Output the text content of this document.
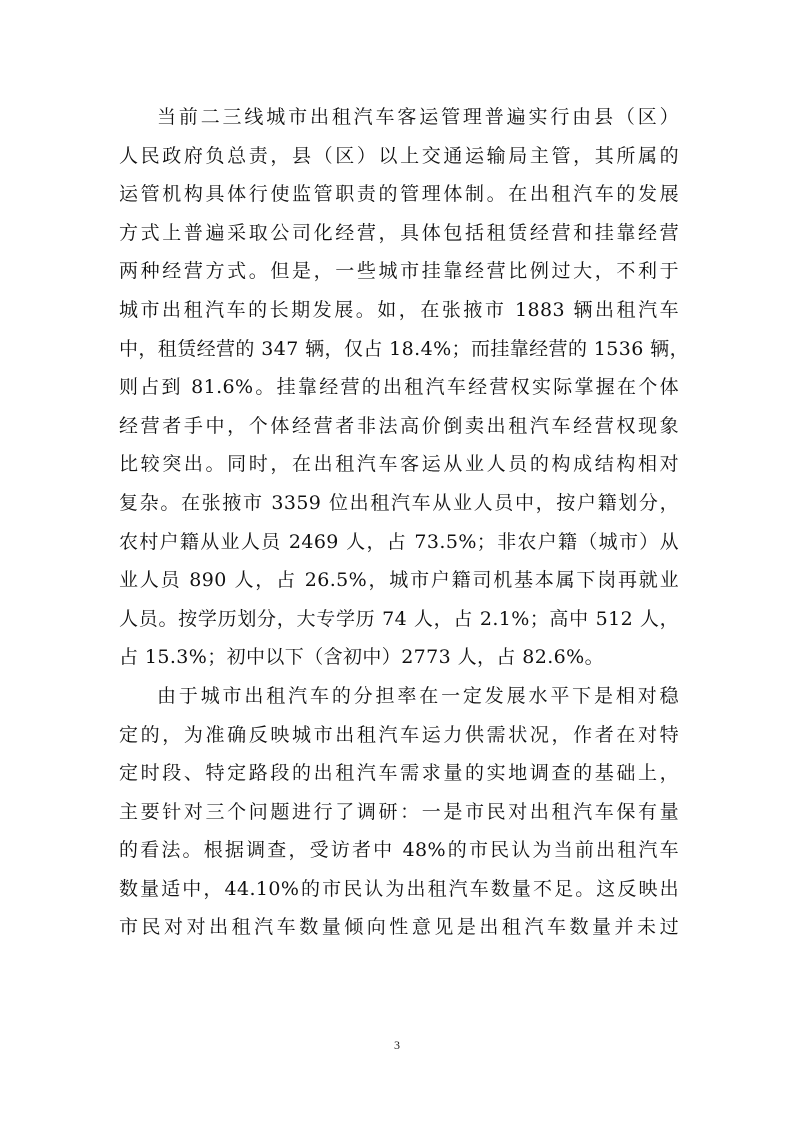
当前二三线城市出租汽车客运管理普遍实行由县（区）
人民政府负总责，县（区）以上交通运输局主管，其所属的
运管机构具体行使监管职责的管理体制。在出租汽车的发展
方式上普遍采取公司化经营，具体包括租赁经营和挂靠经营
两种经营方式。但是，一些城市挂靠经营比例过大，不利于
城市出租汽车的长期发展。如，在张掖市 1883 辆出租汽车
中，租赁经营的 347 辆，仅占 18.4%；而挂靠经营的 1536 辆，
则占到 81.6%。挂靠经营的出租汽车经营权实际掌握在个体
经营者手中，个体经营者非法高价倒卖出租汽车经营权现象
比较突出。同时，在出租汽车客运从业人员的构成结构相对
复杂。在张掖市 3359 位出租汽车从业人员中，按户籍划分，
农村户籍从业人员 2469 人，占 73.5%；非农户籍（城市）从
业人员 890 人，占 26.5%，城市户籍司机基本属下岗再就业
人员。按学历划分，大专学历 74 人，占 2.1%；高中 512 人，
占 15.3%；初中以下（含初中）2773 人，占 82.6%。
由于城市出租汽车的分担率在一定发展水平下是相对稳
定的，为准确反映城市出租汽车运力供需状况，作者在对特
定时段、特定路段的出租汽车需求量的实地调查的基础上，
主要针对三个问题进行了调研：一是市民对出租汽车保有量
的看法。根据调查，受访者中 48%的市民认为当前出租汽车
数量适中，44.10%的市民认为出租汽车数量不足。这反映出
市民对对出租汽车数量倾向性意见是出租汽车数量并未过
3
